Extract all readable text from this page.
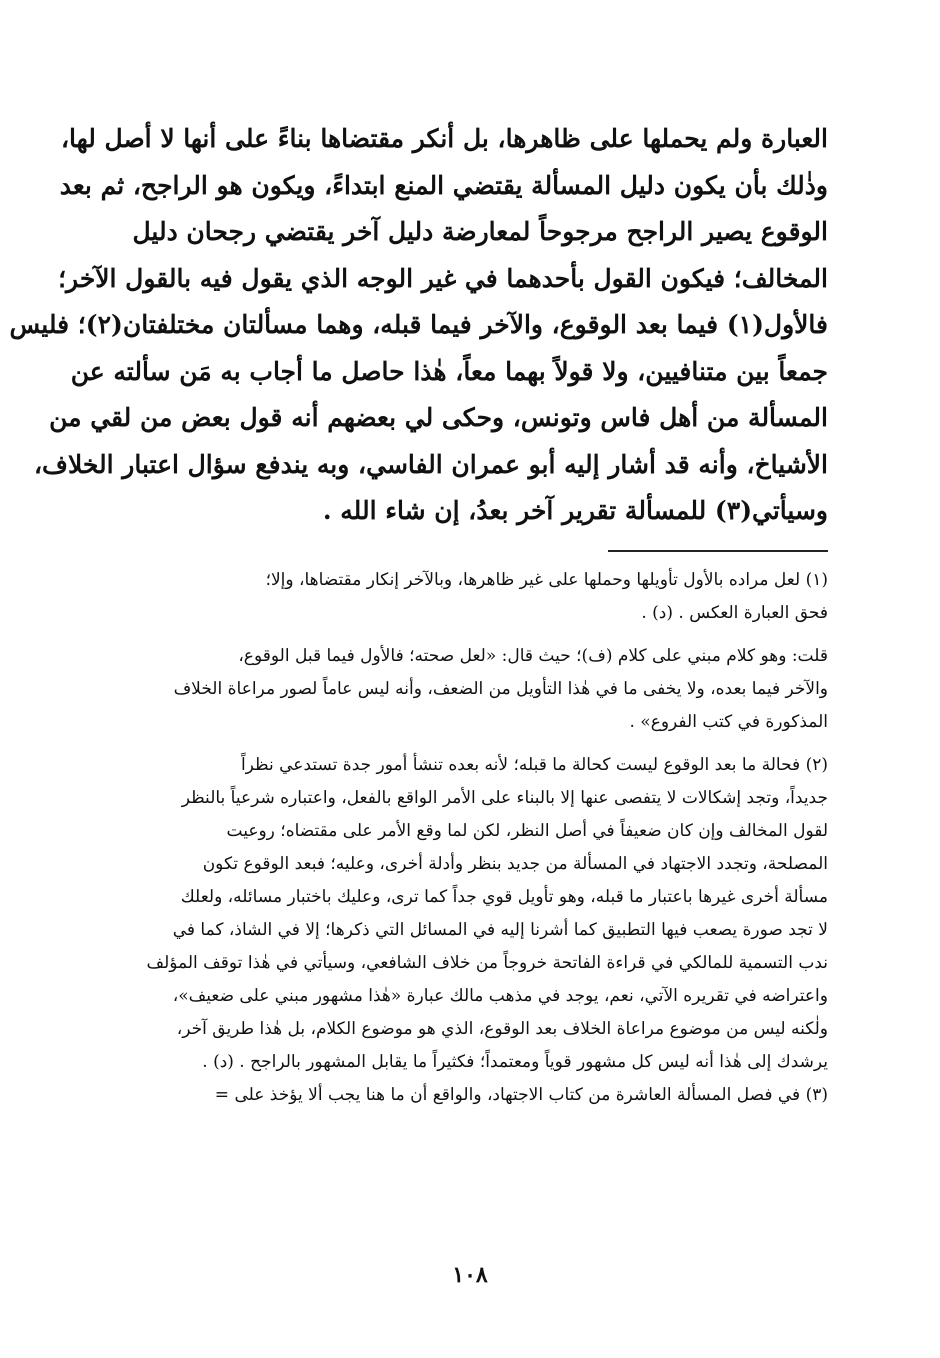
العبارة ولم يحملها على ظاهرها، بل أنكر مقتضاها بناءً على أنها لا أصل لها،
وذٰلك بأن يكون دليل المسألة يقتضي المنع ابتداءً، ويكون هو الراجح، ثم بعد
الوقوع يصير الراجح مرجوحاً لمعارضة دليل آخر يقتضي رجحان دليل
المخالف؛ فيكون القول بأحدهما في غير الوجه الذي يقول فيه بالقول الآخر؛
فالأول(١) فيما بعد الوقوع، والآخر فيما قبله، وهما مسألتان مختلفتان(٢)؛ فليس
جمعاً بين متنافيين، ولا قولاً بهما معاً، هٰذا حاصل ما أجاب به مَن سألته عن
المسألة من أهل فاس وتونس، وحكى لي بعضهم أنه قول بعض من لقي من
الأشياخ، وأنه قد أشار إليه أبو عمران الفاسي، وبه يندفع سؤال اعتبار الخلاف،
وسيأتي(٣) للمسألة تقرير آخر بعدُ، إن شاء الله .
(١) لعل مراده بالأول تأويلها وحملها على غير ظاهرها، وبالآخر إنكار مقتضاها، وإلا؛
فحق العبارة العكس . (د) .
قلت: وهو كلام مبني على كلام (ف)؛ حيث قال: «لعل صحته؛ فالأول فيما قبل الوقوع،
والآخر فيما بعده، ولا يخفى ما في هٰذا التأويل من الضعف، وأنه ليس عاماً لصور مراعاة الخلاف
المذكورة في كتب الفروع» .
(٢) فحالة ما بعد الوقوع ليست كحالة ما قبله؛ لأنه بعده تنشأ أمور جدة تستدعي نظراً
جديداً، وتجد إشكالات لا يتفصى عنها إلا بالبناء على الأمر الواقع بالفعل، واعتباره شرعياً بالنظر
لقول المخالف وإن كان ضعيفاً في أصل النظر، لكن لما وقع الأمر على مقتضاه؛ روعيت
المصلحة، وتجدد الاجتهاد في المسألة من جديد بنظر وأدلة أخرى، وعليه؛ فبعد الوقوع تكون
مسألة أخرى غيرها باعتبار ما قبله، وهو تأويل قوي جداً كما ترى، وعليك باختبار مسائله، ولعلك
لا تجد صورة يصعب فيها التطبيق كما أشرنا إليه في المسائل التي ذكرها؛ إلا في الشاذ، كما في
ندب التسمية للمالكي في قراءة الفاتحة خروجاً من خلاف الشافعي، وسيأتي في هٰذا توقف المؤلف
واعتراضه في تقريره الآتي، نعم، يوجد في مذهب مالك عبارة «هٰذا مشهور مبني على ضعيف»،
ولٰكنه ليس من موضوع مراعاة الخلاف بعد الوقوع، الذي هو موضوع الكلام، بل هٰذا طريق آخر،
يرشدك إلى هٰذا أنه ليس كل مشهور قوياً ومعتمداً؛ فكثيراً ما يقابل المشهور بالراجح . (د) .
(٣) في فصل المسألة العاشرة من كتاب الاجتهاد، والواقع أن ما هنا يجب ألا يؤخذ على =
١٠٨
